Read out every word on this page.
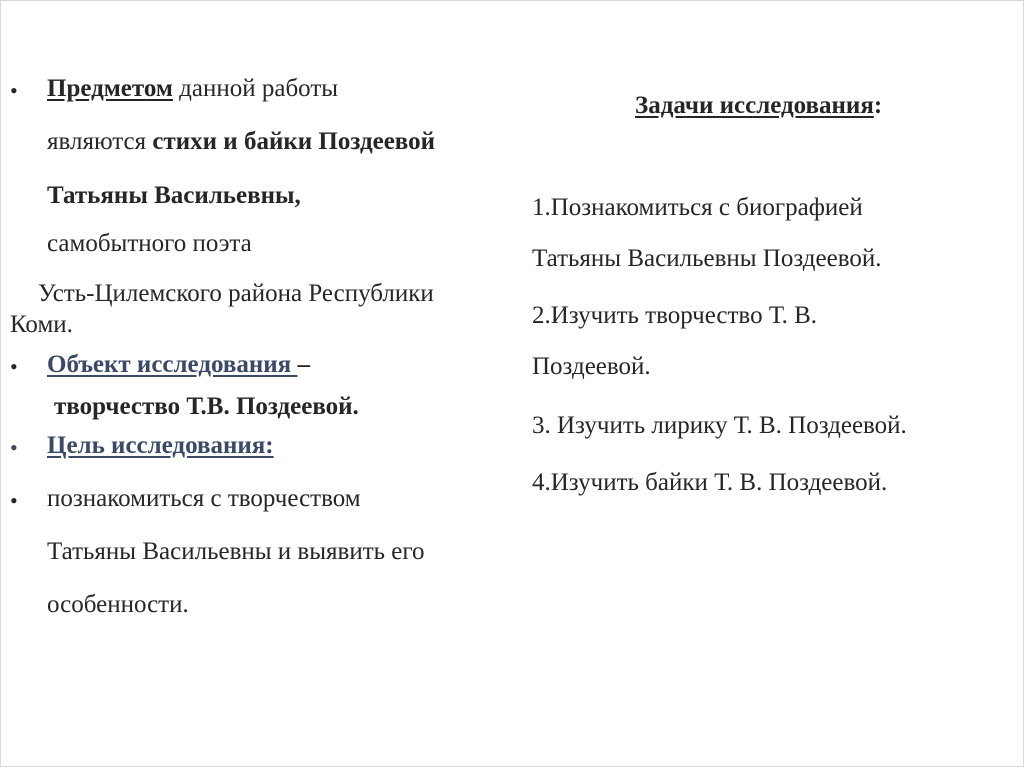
• Предметом данной работы
являются стихи и байки Поздеевой
Татьяны Васильевны,
самобытного поэта
Усть-Цилемского района Республики
Коми.
• Объект исследования –
творчество Т.В. Поздеевой.
• Цель исследования:
• познакомиться с творчеством
Татьяны Васильевны и выявить его
особенности.
Задачи исследования:
1.Познакомиться с биографией
Татьяны Васильевны Поздеевой.
2.Изучить творчество Т. В.
Поздеевой.
3. Изучить лирику Т. В. Поздеевой.
4.Изучить байки Т. В. Поздеевой.
